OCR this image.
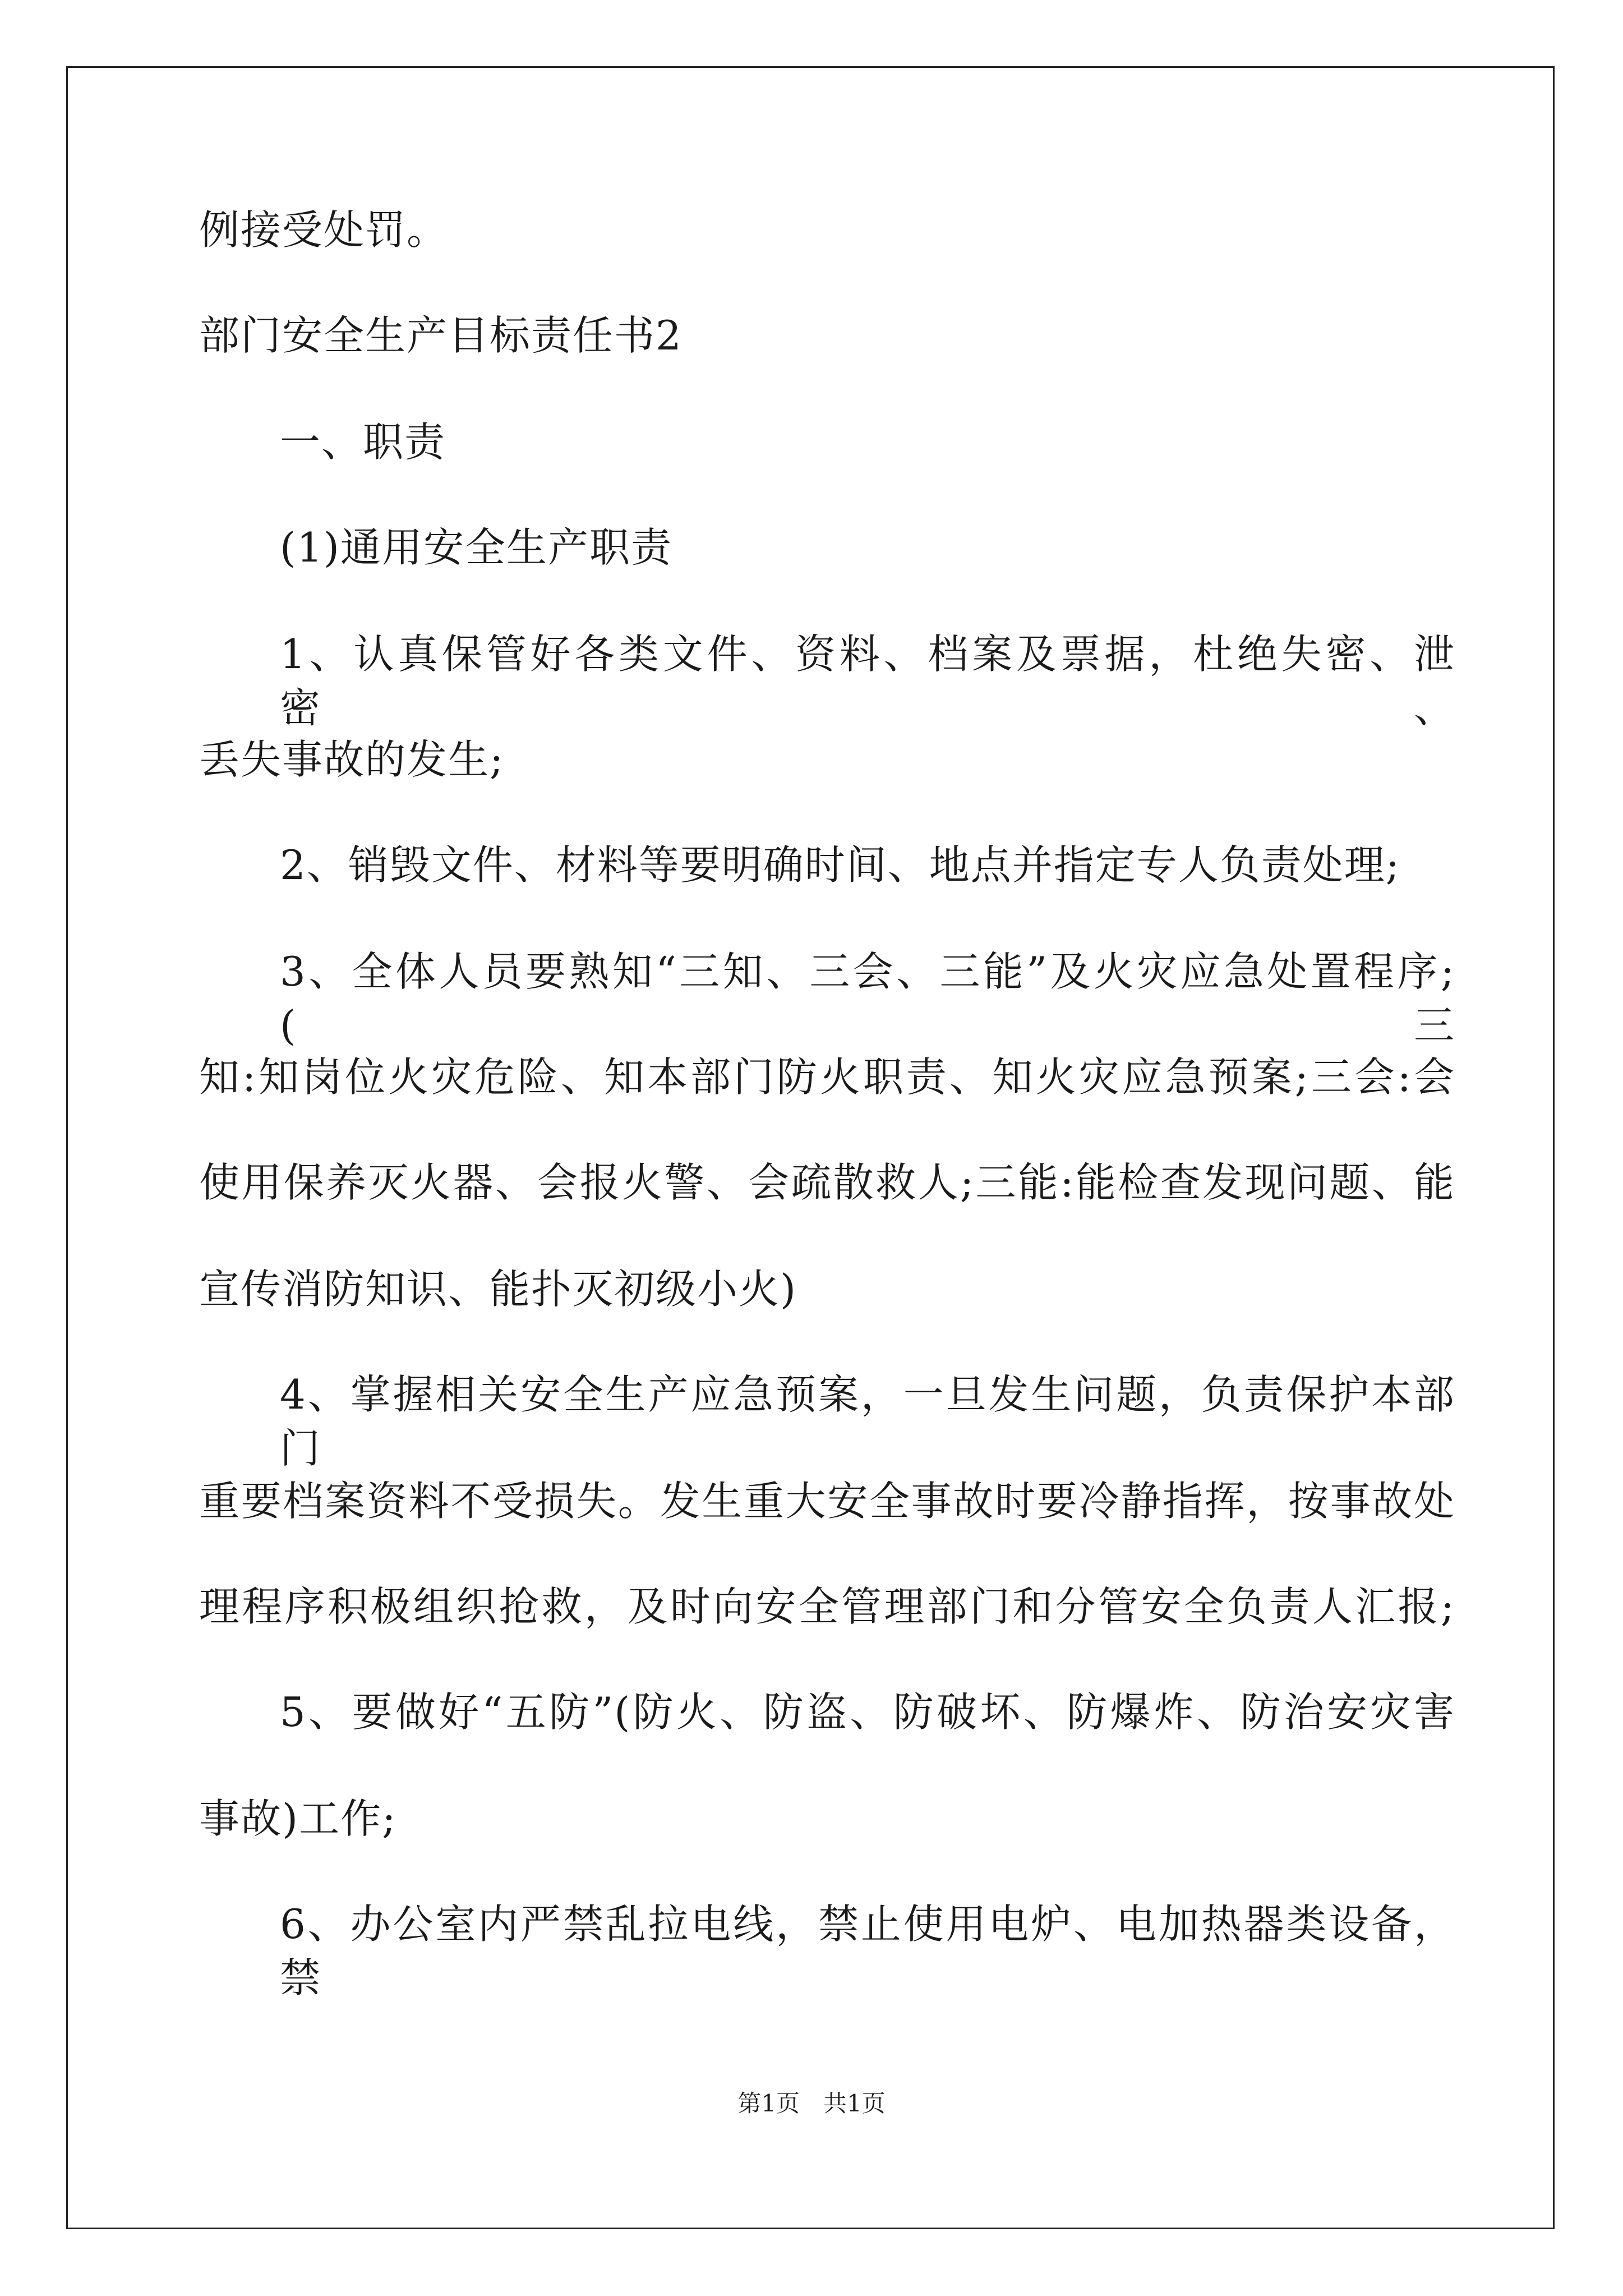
例接受处罚。
部门安全生产目标责任书2
一、职责
(1)通用安全生产职责
1、认真保管好各类文件、资料、档案及票据，杜绝失密、泄密、
丢失事故的发生;
2、销毁文件、材料等要明确时间、地点并指定专人负责处理;
3、全体人员要熟知“三知、三会、三能”及火灾应急处置程序;(三
知:知岗位火灾危险、知本部门防火职责、知火灾应急预案;三会:会
使用保养灭火器、会报火警、会疏散救人;三能:能检查发现问题、能
宣传消防知识、能扑灭初级小火)
4、掌握相关安全生产应急预案，一旦发生问题，负责保护本部门
重要档案资料不受损失。发生重大安全事故时要冷静指挥，按事故处
理程序积极组织抢救，及时向安全管理部门和分管安全负责人汇报;
5、要做好“五防”(防火、防盗、防破坏、防爆炸、防治安灾害
事故)工作;
6、办公室内严禁乱拉电线，禁止使用电炉、电加热器类设备，禁
第1页　共1页
